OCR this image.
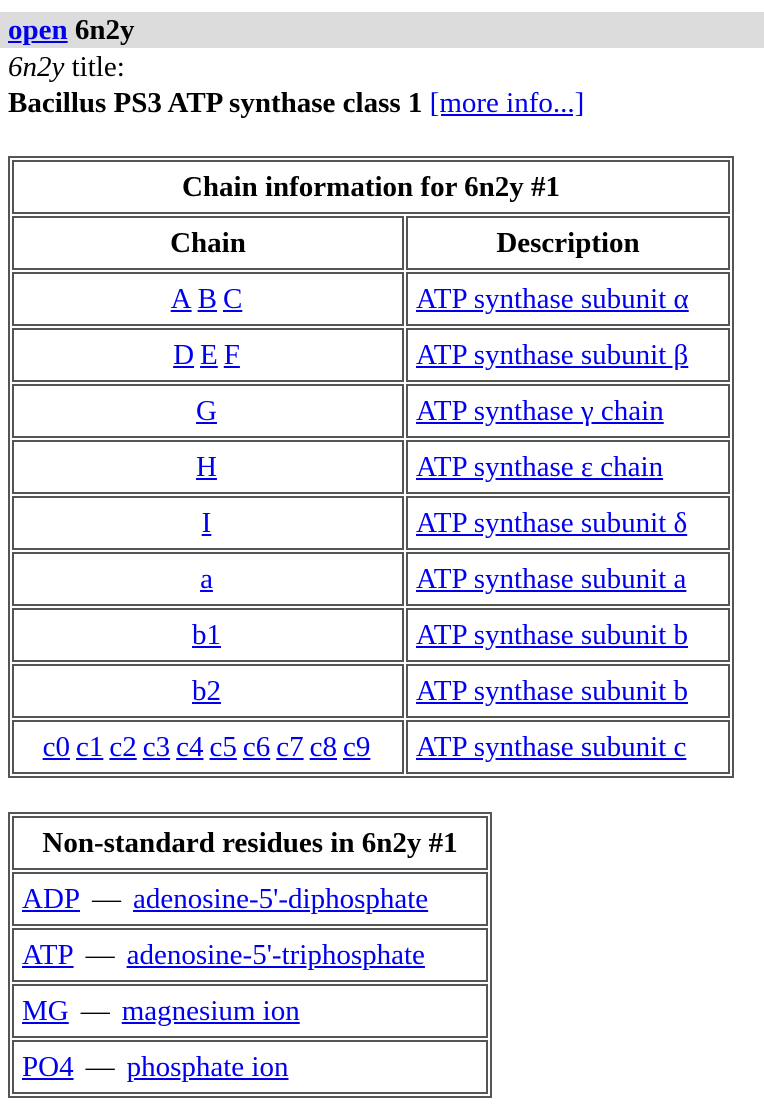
open 6n2y
6n2y title:
Bacillus PS3 ATP synthase class 1 [more info...]
Chain information for 6n2y #1	
Chain	Description
A B C	ATP synthase subunit α
D E F	ATP synthase subunit β
G	ATP synthase γ chain
H	ATP synthase ε chain
I	ATP synthase subunit δ
a	ATP synthase subunit a
b1	ATP synthase subunit b
b2	ATP synthase subunit b
c0 c1 c2 c3 c4 c5 c6 c7 c8 c9	ATP synthase subunit c
Non-standard residues in 6n2y #1
ADP — adenosine-5'-diphosphate
ATP — adenosine-5'-triphosphate
MG — magnesium ion
PO4 — phosphate ion
